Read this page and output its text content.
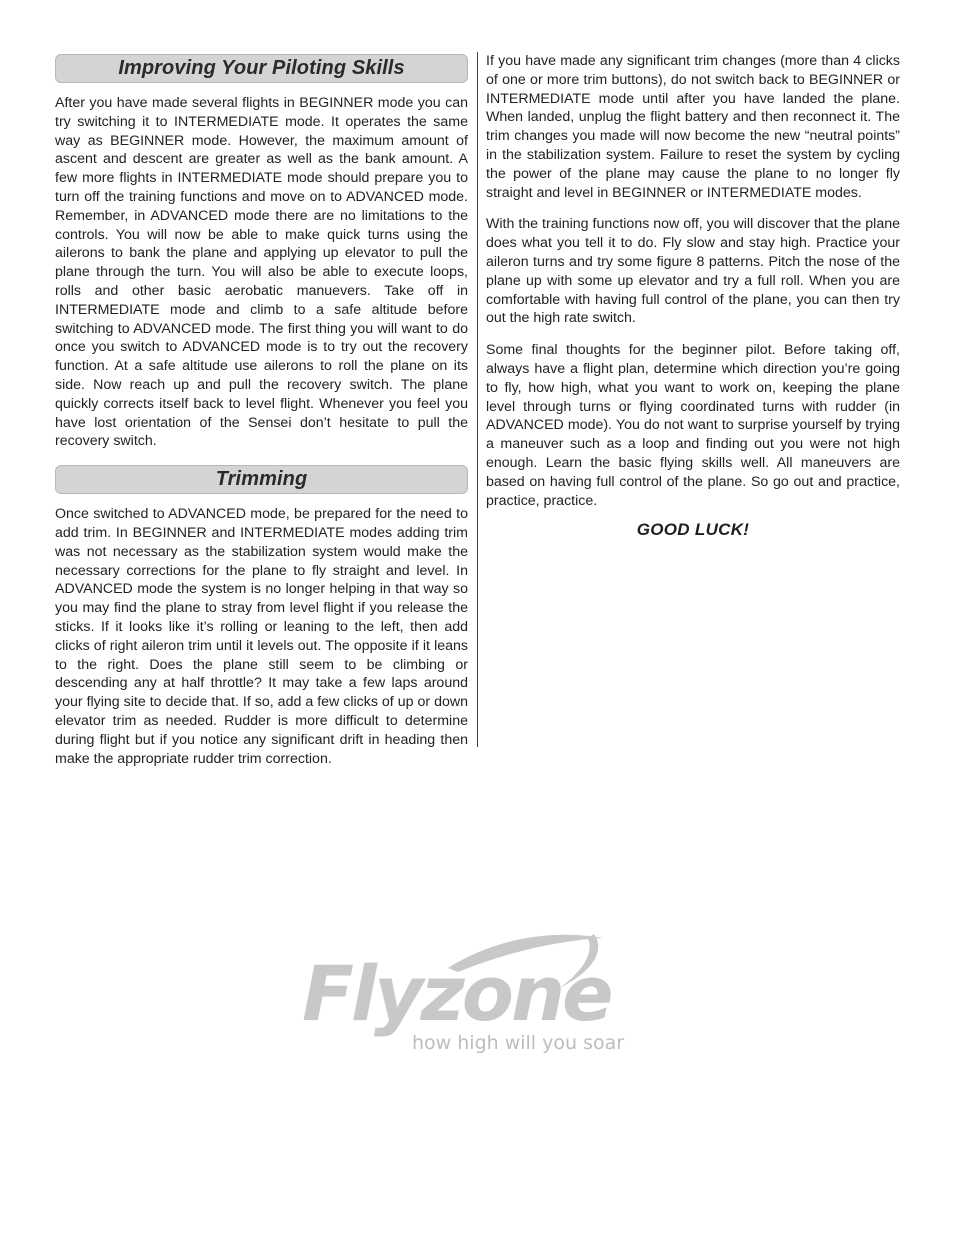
Improving Your Piloting Skills

After you have made several flights in BEGINNER mode you can try switching it to INTERMEDIATE mode. It operates the same way as BEGINNER mode. However, the maximum amount of ascent and descent are greater as well as the bank amount. A few more flights in INTERMEDIATE mode should prepare you to turn off the training functions and move on to ADVANCED mode. Remember, in ADVANCED mode there are no limitations to the controls. You will now be able to make quick turns using the ailerons to bank the plane and applying up elevator to pull the plane through the turn. You will also be able to execute loops, rolls and other basic aerobatic manuevers. Take off in INTERMEDIATE mode and climb to a safe altitude before switching to ADVANCED mode. The first thing you will want to do once you switch to ADVANCED mode is to try out the recovery function. At a safe altitude use ailerons to roll the plane on its side. Now reach up and pull the recovery switch. The plane quickly corrects itself back to level flight. Whenever you feel you have lost orientation of the Sensei don’t hesitate to pull the recovery switch.

Trimming

Once switched to ADVANCED mode, be prepared for the need to add trim. In BEGINNER and INTERMEDIATE modes adding trim was not necessary as the stabilization system would make the necessary corrections for the plane to fly straight and level. In ADVANCED mode the system is no longer helping in that way so you may find the plane to stray from level flight if you release the sticks. If it looks like it’s rolling or leaning to the left, then add clicks of right aileron trim until it levels out. The opposite if it leans to the right. Does the plane still seem to be climbing or descending any at half throttle? It may take a few laps around your flying site to decide that. If so, add a few clicks of up or down elevator trim as needed. Rudder is more difficult to determine during flight but if you notice any significant drift in heading then make the appropriate rudder trim correction.

If you have made any significant trim changes (more than 4 clicks of one or more trim buttons), do not switch back to BEGINNER or INTERMEDIATE mode until after you have landed the plane. When landed, unplug the flight battery and then reconnect it. The trim changes you made will now become the new “neutral points” in the stabilization system. Failure to reset the system by cycling the power of the plane may cause the plane to no longer fly straight and level in BEGINNER or INTERMEDIATE modes.

With the training functions now off, you will discover that the plane does what you tell it to do. Fly slow and stay high. Practice your aileron turns and try some figure 8 patterns. Pitch the nose of the plane up with some up elevator and try a full roll. When you are comfortable with having full control of the plane, you can then try out the high rate switch.

Some final thoughts for the beginner pilot. Before taking off, always have a flight plan, determine which direction you’re going to fly, how high, what you want to work on, keeping the plane level through turns or flying coordinated turns with rudder (in ADVANCED mode). You do not want to surprise yourself by trying a maneuver such as a loop and finding out you were not high enough. Learn the basic flying skills well. All maneuvers are based on having full control of the plane. So go out and practice, practice, practice.

GOOD LUCK!
Flyzone
how high will you soar
